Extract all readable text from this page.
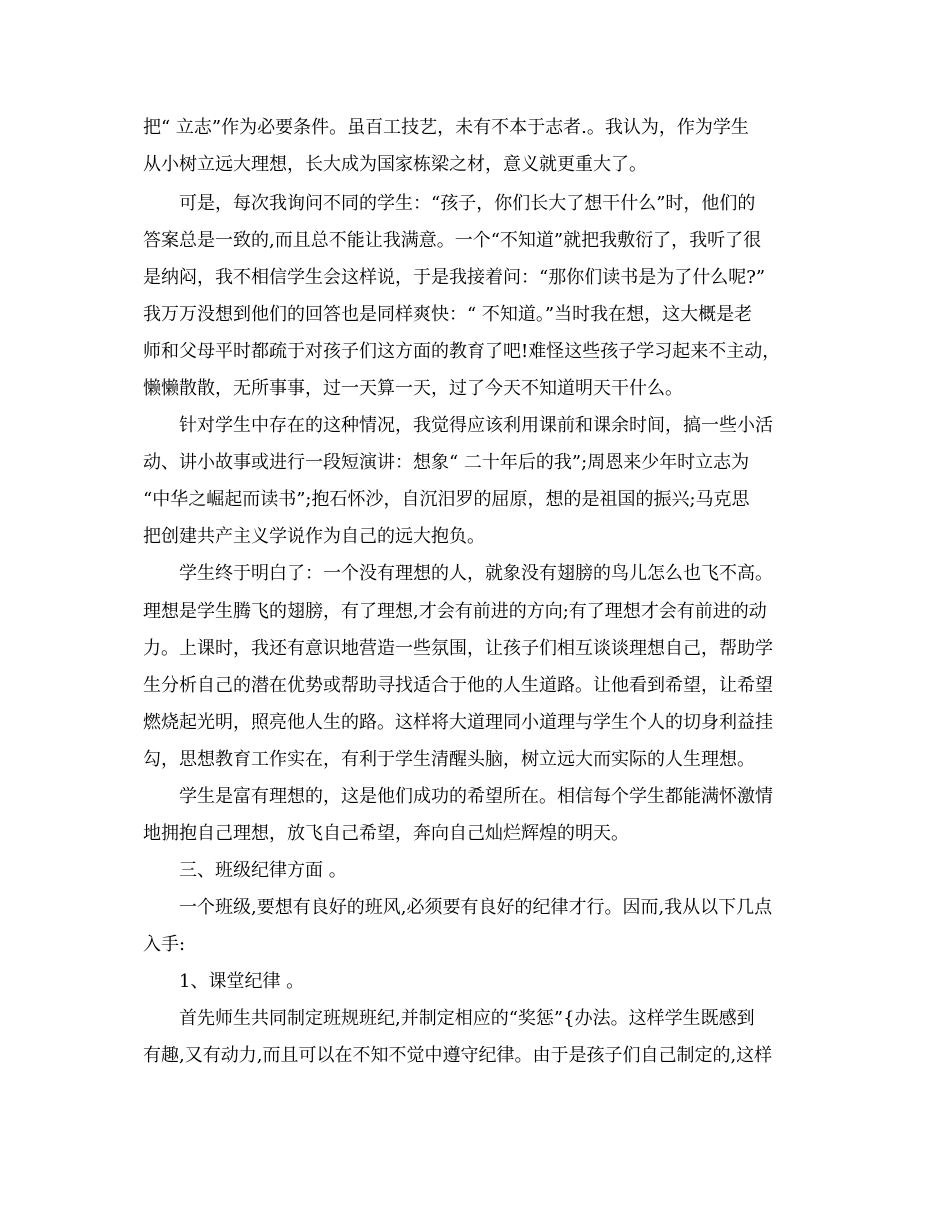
把“ 立志”作为必要条件。虽百工技艺，未有不本于志者.。我认为，作为学生
从小树立远大理想，长大成为国家栋梁之材，意义就更重大了。
可是，每次我询问不同的学生：“孩子，你们长大了想干什么”时，他们的
答案总是一致的,而且总不能让我满意。一个“不知道”就把我敷衍了，我听了很
是纳闷，我不相信学生会这样说，于是我接着问：“那你们读书是为了什么呢?”
我万万没想到他们的回答也是同样爽快：“ 不知道。”当时我在想，这大概是老
师和父母平时都疏于对孩子们这方面的教育了吧!难怪这些孩子学习起来不主动，
懒懒散散，无所事事，过一天算一天，过了今天不知道明天干什么。
针对学生中存在的这种情况，我觉得应该利用课前和课余时间，搞一些小活
动、讲小故事或进行一段短演讲：想象“ 二十年后的我”;周恩来少年时立志为
“中华之崛起而读书”;抱石怀沙，自沉汨罗的屈原，想的是祖国的振兴;马克思
把创建共产主义学说作为自己的远大抱负。
学生终于明白了：一个没有理想的人，就象没有翅膀的鸟儿怎么也飞不高。
理想是学生腾飞的翅膀，有了理想,才会有前进的方向;有了理想才会有前进的动
力。上课时，我还有意识地营造一些氛围，让孩子们相互谈谈理想自己，帮助学
生分析自己的潜在优势或帮助寻找适合于他的人生道路。让他看到希望，让希望
燃烧起光明，照亮他人生的路。这样将大道理同小道理与学生个人的切身利益挂
勾，思想教育工作实在，有利于学生清醒头脑，树立远大而实际的人生理想。
学生是富有理想的，这是他们成功的希望所在。相信每个学生都能满怀激情
地拥抱自己理想，放飞自己希望，奔向自己灿烂辉煌的明天。
三、班级纪律方面 。
一个班级,要想有良好的班风,必须要有良好的纪律才行。因而,我从以下几点
入手:
1、课堂纪律 。
首先师生共同制定班规班纪,并制定相应的“奖惩”{办法。这样学生既感到
有趣,又有动力,而且可以在不知不觉中遵守纪律。由于是孩子们自己制定的,这样
